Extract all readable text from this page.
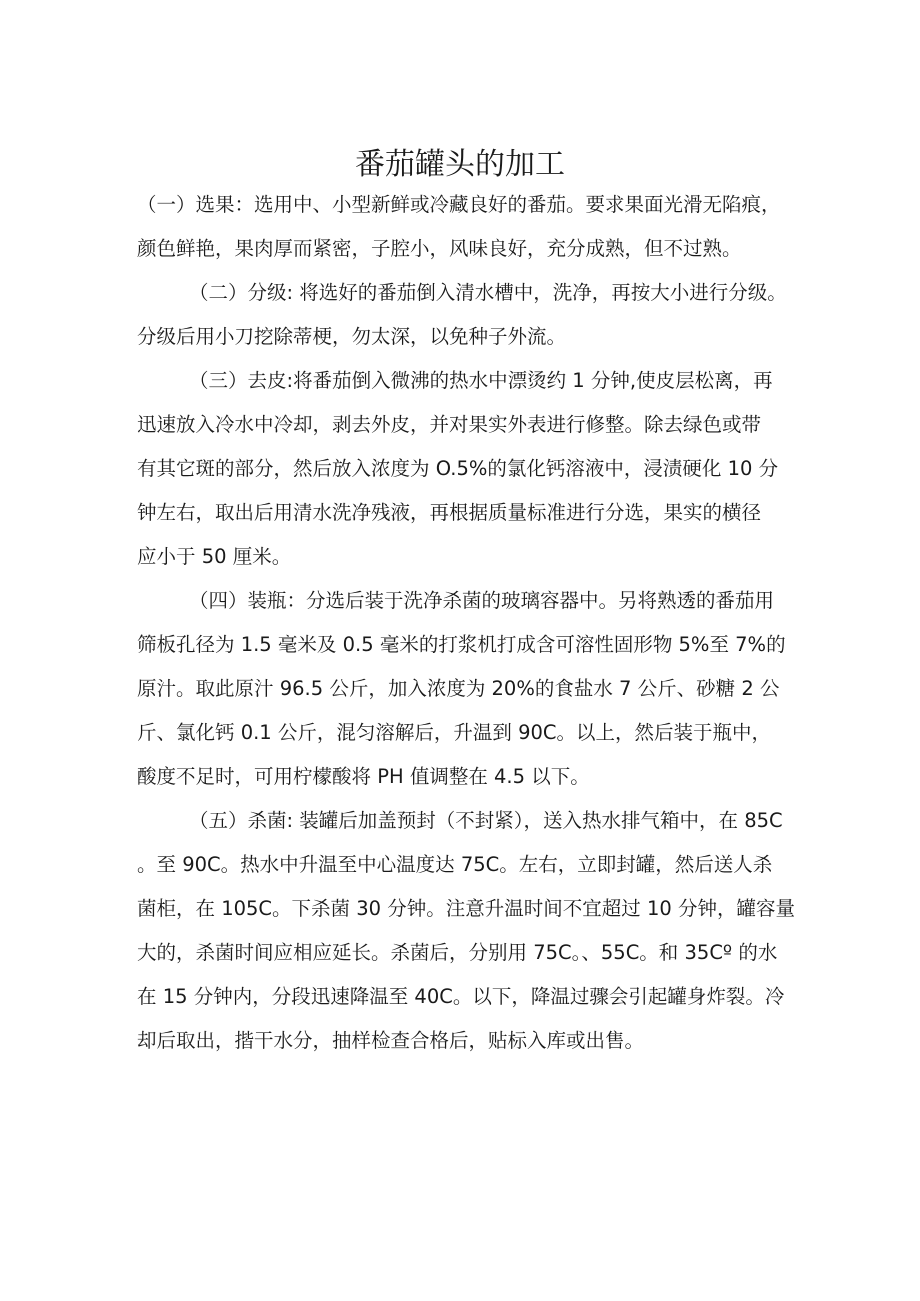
番茄罐头的加工
（一）选果：选用中、小型新鲜或冷藏良好的番茄。要求果面光滑无陷痕，
颜色鲜艳，果肉厚而紧密，子腔小，风味良好，充分成熟，但不过熟。
（二）分级: 将选好的番茄倒入清水槽中，洗净，再按大小进行分级。
分级后用小刀挖除蒂梗，勿太深，以免种子外流。
（三）去皮:将番茄倒入微沸的热水中漂烫约 1 分钟,使皮层松离，再
迅速放入冷水中冷却，剥去外皮，并对果实外表进行修整。除去绿色或带
有其它斑的部分，然后放入浓度为 O.5%的氯化钙溶液中，浸渍硬化 10 分
钟左右，取出后用清水洗净残液，再根据质量标准进行分选，果实的横径
应小于 50 厘米。
（四）装瓶：分选后装于洗净杀菌的玻璃容器中。另将熟透的番茄用
筛板孔径为 1.5 毫米及 0.5 毫米的打浆机打成含可溶性固形物 5%至 7%的
原汁。取此原汁 96.5 公斤，加入浓度为 20%的食盐水 7 公斤、砂糖 2 公
斤、氯化钙 0.1 公斤，混匀溶解后，升温到 90C。以上，然后装于瓶中，
酸度不足时，可用柠檬酸将 PH 值调整在 4.5 以下。
（五）杀菌: 装罐后加盖预封（不封紧），送入热水排气箱中，在 85C
。至 90C。热水中升温至中心温度达 75C。左右，立即封罐，然后送人杀
菌柜，在 105C。下杀菌 30 分钟。注意升温时间不宜超过 10 分钟，罐容量
大的，杀菌时间应相应延长。杀菌后，分别用 75C。、55C。和 35Cº 的水
在 15 分钟内，分段迅速降温至 40C。以下，降温过骤会引起罐身炸裂。冷
却后取出，揩干水分，抽样检查合格后，贴标入库或出售。
